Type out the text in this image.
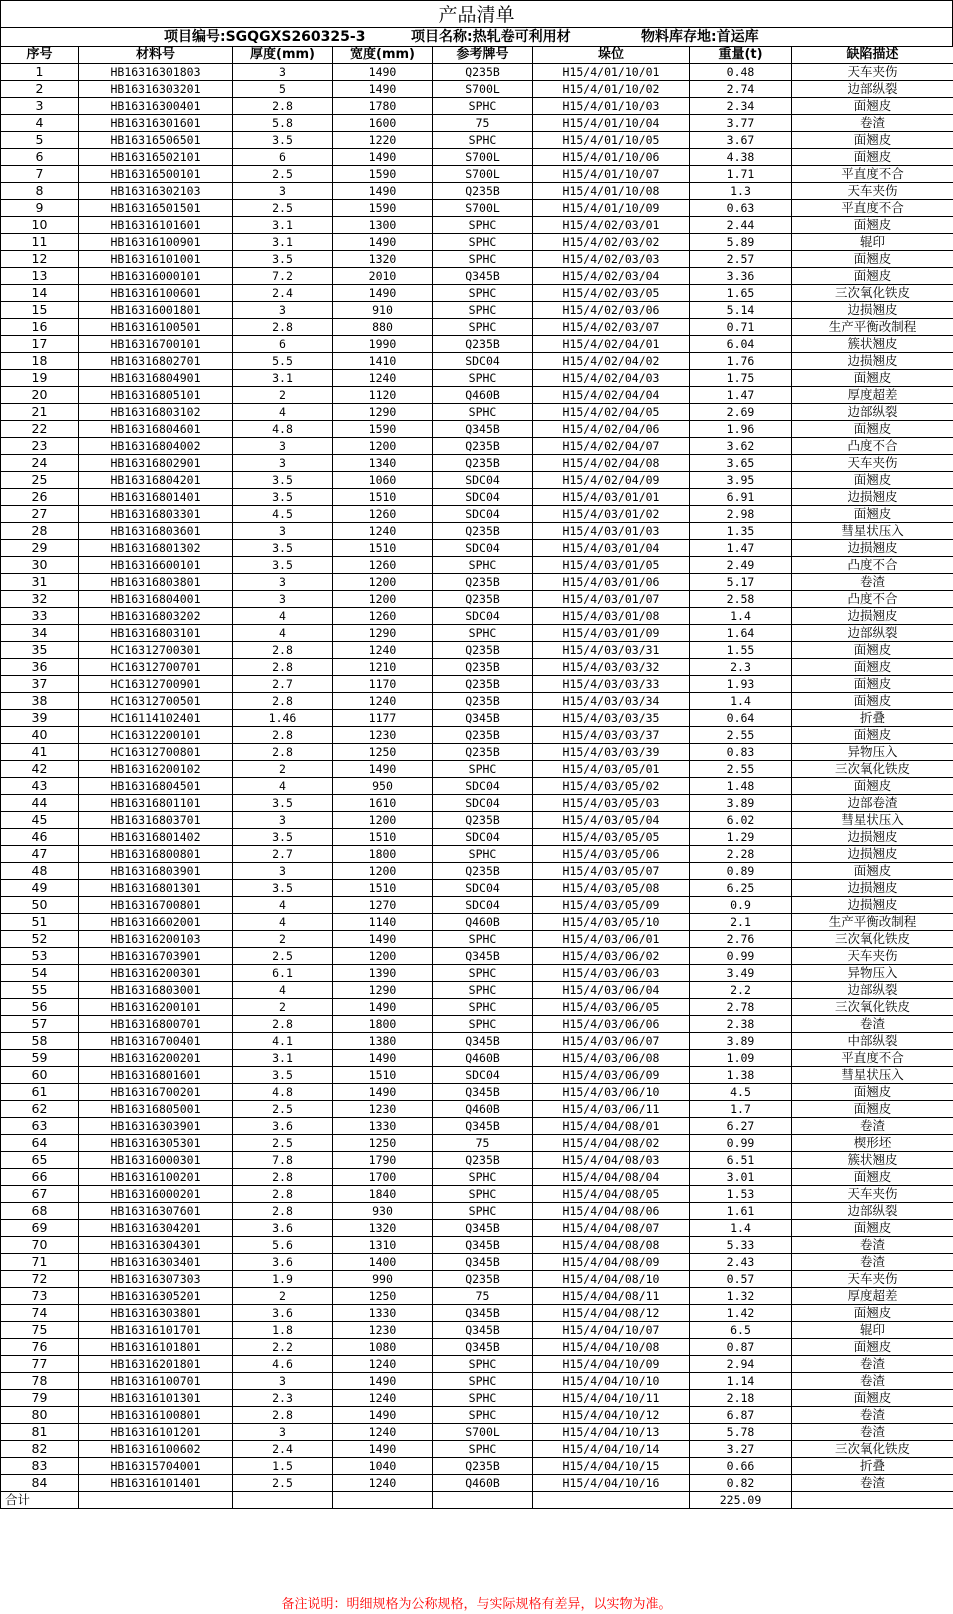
产品清单
项目编号:SGQGXS260325-3	项目名称:热轧卷可利用材	物料库存地:首运库
序号	材料号	厚度(mm)	宽度(mm)	参考牌号	垛位	重量(t)	缺陷描述
1	HB16316301803	3	1490	Q235B	H15/4/01/10/01	0.48	天车夹伤
2	HB16316303201	5	1490	S700L	H15/4/01/10/02	2.74	边部纵裂
3	HB16316300401	2.8	1780	SPHC	H15/4/01/10/03	2.34	面翘皮
4	HB16316301601	5.8	1600	75	H15/4/01/10/04	3.77	卷渣
5	HB16316506501	3.5	1220	SPHC	H15/4/01/10/05	3.67	面翘皮
6	HB16316502101	6	1490	S700L	H15/4/01/10/06	4.38	面翘皮
7	HB16316500101	2.5	1590	S700L	H15/4/01/10/07	1.71	平直度不合
8	HB16316302103	3	1490	Q235B	H15/4/01/10/08	1.3	天车夹伤
9	HB16316501501	2.5	1590	S700L	H15/4/01/10/09	0.63	平直度不合
10	HB16316101601	3.1	1300	SPHC	H15/4/02/03/01	2.44	面翘皮
11	HB16316100901	3.1	1490	SPHC	H15/4/02/03/02	5.89	辊印
12	HB16316101001	3.5	1320	SPHC	H15/4/02/03/03	2.57	面翘皮
13	HB16316000101	7.2	2010	Q345B	H15/4/02/03/04	3.36	面翘皮
14	HB16316100601	2.4	1490	SPHC	H15/4/02/03/05	1.65	三次氧化铁皮
15	HB16316001801	3	910	SPHC	H15/4/02/03/06	5.14	边损翘皮
16	HB16316100501	2.8	880	SPHC	H15/4/02/03/07	0.71	生产平衡改制程
17	HB16316700101	6	1990	Q235B	H15/4/02/04/01	6.04	簇状翘皮
18	HB16316802701	5.5	1410	SDC04	H15/4/02/04/02	1.76	边损翘皮
19	HB16316804901	3.1	1240	SPHC	H15/4/02/04/03	1.75	面翘皮
20	HB16316805101	2	1120	Q460B	H15/4/02/04/04	1.47	厚度超差
21	HB16316803102	4	1290	SPHC	H15/4/02/04/05	2.69	边部纵裂
22	HB16316804601	4.8	1590	Q345B	H15/4/02/04/06	1.96	面翘皮
23	HB16316804002	3	1200	Q235B	H15/4/02/04/07	3.62	凸度不合
24	HB16316802901	3	1340	Q235B	H15/4/02/04/08	3.65	天车夹伤
25	HB16316804201	3.5	1060	SDC04	H15/4/02/04/09	3.95	面翘皮
26	HB16316801401	3.5	1510	SDC04	H15/4/03/01/01	6.91	边损翘皮
27	HB16316803301	4.5	1260	SDC04	H15/4/03/01/02	2.98	面翘皮
28	HB16316803601	3	1240	Q235B	H15/4/03/01/03	1.35	彗星状压入
29	HB16316801302	3.5	1510	SDC04	H15/4/03/01/04	1.47	边损翘皮
30	HB16316600101	3.5	1260	SPHC	H15/4/03/01/05	2.49	凸度不合
31	HB16316803801	3	1200	Q235B	H15/4/03/01/06	5.17	卷渣
32	HB16316804001	3	1200	Q235B	H15/4/03/01/07	2.58	凸度不合
33	HB16316803202	4	1260	SDC04	H15/4/03/01/08	1.4	边损翘皮
34	HB16316803101	4	1290	SPHC	H15/4/03/01/09	1.64	边部纵裂
35	HC16312700301	2.8	1240	Q235B	H15/4/03/03/31	1.55	面翘皮
36	HC16312700701	2.8	1210	Q235B	H15/4/03/03/32	2.3	面翘皮
37	HC16312700901	2.7	1170	Q235B	H15/4/03/03/33	1.93	面翘皮
38	HC16312700501	2.8	1240	Q235B	H15/4/03/03/34	1.4	面翘皮
39	HC16114102401	1.46	1177	Q345B	H15/4/03/03/35	0.64	折叠
40	HC16312200101	2.8	1230	Q235B	H15/4/03/03/37	2.55	面翘皮
41	HC16312700801	2.8	1250	Q235B	H15/4/03/03/39	0.83	异物压入
42	HB16316200102	2	1490	SPHC	H15/4/03/05/01	2.55	三次氧化铁皮
43	HB16316804501	4	950	SDC04	H15/4/03/05/02	1.48	面翘皮
44	HB16316801101	3.5	1610	SDC04	H15/4/03/05/03	3.89	边部卷渣
45	HB16316803701	3	1200	Q235B	H15/4/03/05/04	6.02	彗星状压入
46	HB16316801402	3.5	1510	SDC04	H15/4/03/05/05	1.29	边损翘皮
47	HB16316800801	2.7	1800	SPHC	H15/4/03/05/06	2.28	边损翘皮
48	HB16316803901	3	1200	Q235B	H15/4/03/05/07	0.89	面翘皮
49	HB16316801301	3.5	1510	SDC04	H15/4/03/05/08	6.25	边损翘皮
50	HB16316700801	4	1270	SDC04	H15/4/03/05/09	0.9	边损翘皮
51	HB16316602001	4	1140	Q460B	H15/4/03/05/10	2.1	生产平衡改制程
52	HB16316200103	2	1490	SPHC	H15/4/03/06/01	2.76	三次氧化铁皮
53	HB16316703901	2.5	1200	Q345B	H15/4/03/06/02	0.99	天车夹伤
54	HB16316200301	6.1	1390	SPHC	H15/4/03/06/03	3.49	异物压入
55	HB16316803001	4	1290	SPHC	H15/4/03/06/04	2.2	边部纵裂
56	HB16316200101	2	1490	SPHC	H15/4/03/06/05	2.78	三次氧化铁皮
57	HB16316800701	2.8	1800	SPHC	H15/4/03/06/06	2.38	卷渣
58	HB16316700401	4.1	1380	Q345B	H15/4/03/06/07	3.89	中部纵裂
59	HB16316200201	3.1	1490	Q460B	H15/4/03/06/08	1.09	平直度不合
60	HB16316801601	3.5	1510	SDC04	H15/4/03/06/09	1.38	彗星状压入
61	HB16316700201	4.8	1490	Q345B	H15/4/03/06/10	4.5	面翘皮
62	HB16316805001	2.5	1230	Q460B	H15/4/03/06/11	1.7	面翘皮
63	HB16316303901	3.6	1330	Q345B	H15/4/04/08/01	6.27	卷渣
64	HB16316305301	2.5	1250	75	H15/4/04/08/02	0.99	楔形坯
65	HB16316000301	7.8	1790	Q235B	H15/4/04/08/03	6.51	簇状翘皮
66	HB16316100201	2.8	1700	SPHC	H15/4/04/08/04	3.01	面翘皮
67	HB16316000201	2.8	1840	SPHC	H15/4/04/08/05	1.53	天车夹伤
68	HB16316307601	2.8	930	SPHC	H15/4/04/08/06	1.61	边部纵裂
69	HB16316304201	3.6	1320	Q345B	H15/4/04/08/07	1.4	面翘皮
70	HB16316304301	5.6	1310	Q345B	H15/4/04/08/08	5.33	卷渣
71	HB16316303401	3.6	1400	Q345B	H15/4/04/08/09	2.43	卷渣
72	HB16316307303	1.9	990	Q235B	H15/4/04/08/10	0.57	天车夹伤
73	HB16316305201	2	1250	75	H15/4/04/08/11	1.32	厚度超差
74	HB16316303801	3.6	1330	Q345B	H15/4/04/08/12	1.42	面翘皮
75	HB16316101701	1.8	1230	Q345B	H15/4/04/10/07	6.5	辊印
76	HB16316101801	2.2	1080	Q345B	H15/4/04/10/08	0.87	面翘皮
77	HB16316201801	4.6	1240	SPHC	H15/4/04/10/09	2.94	卷渣
78	HB16316100701	3	1490	SPHC	H15/4/04/10/10	1.14	卷渣
79	HB16316101301	2.3	1240	SPHC	H15/4/04/10/11	2.18	面翘皮
80	HB16316100801	2.8	1490	SPHC	H15/4/04/10/12	6.87	卷渣
81	HB16316101201	3	1240	S700L	H15/4/04/10/13	5.78	卷渣
82	HB16316100602	2.4	1490	SPHC	H15/4/04/10/14	3.27	三次氧化铁皮
83	HB16315704001	1.5	1040	Q235B	H15/4/04/10/15	0.66	折叠
84	HB16316101401	2.5	1240	Q460B	H15/4/04/10/16	0.82	卷渣
合计						225.09	
备注说明：明细规格为公称规格，与实际规格有差异，以实物为准。
